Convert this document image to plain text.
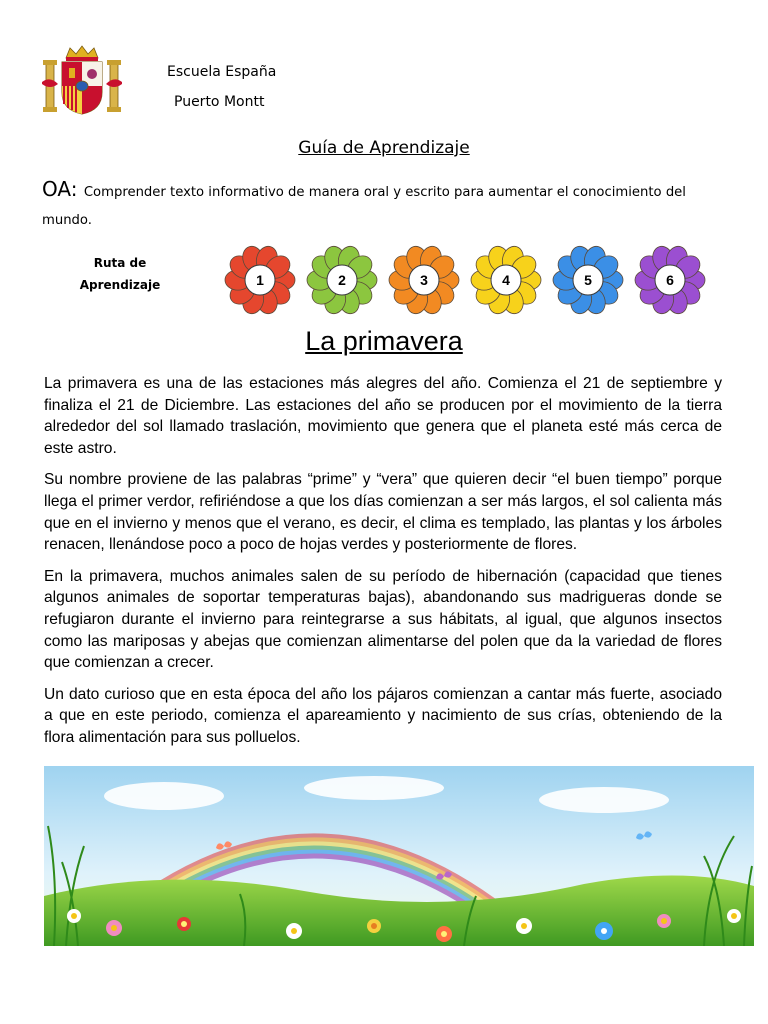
Escuela España
Puerto Montt
Guía de Aprendizaje
OA: Comprender texto informativo de manera oral y escrito para aumentar el conocimiento del mundo.
Ruta de
Aprendizaje	1	2	3	4	5	6
La primavera

La primavera es una de las estaciones más alegres del año. Comienza el 21 de septiembre y finaliza el 21 de Diciembre. Las estaciones del año se producen por el movimiento de la tierra alrededor del sol llamado traslación, movimiento que genera que el planeta esté más cerca de este astro.

Su nombre proviene de las palabras “prime” y “vera” que quieren decir “el buen tiempo” porque llega el primer verdor, refiriéndose a que los días comienzan a ser más largos, el sol calienta más que en el invierno y menos que el verano, es decir, el clima es templado, las plantas y los árboles renacen, llenándose poco a poco de hojas verdes y posteriormente de flores.

En la primavera, muchos animales salen de su período de hibernación (capacidad que tienes algunos animales de soportar temperaturas bajas), abandonando sus madrigueras donde se refugiaron durante el invierno para reintegrarse a sus hábitats, al igual, que algunos insectos como las mariposas y abejas que comienzan alimentarse del polen que da la variedad de flores que comienzan a crecer.

Un dato curioso que en esta época del año los pájaros comienzan a cantar más fuerte, asociado a que en este periodo, comienza el apareamiento y nacimiento de sus crías, obteniendo de la flora alimentación para sus polluelos.
